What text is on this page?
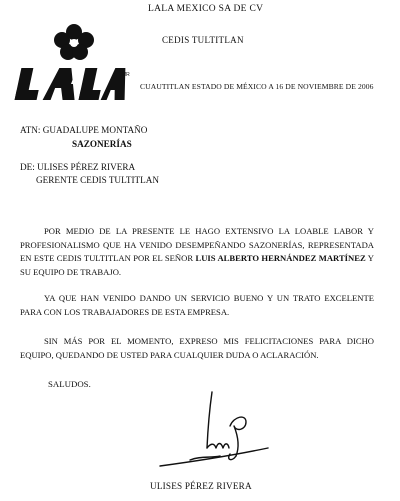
MR
LALA MEXICO SA DE CV
CEDIS TULTITLAN
CUAUTITLAN ESTADO DE MÉXICO A 16 DE NOVIEMBRE DE 2006
ATN: GUADALUPE MONTAÑO
SAZONERÍAS
DE: ULISES PÉREZ RIVERA
GERENTE CEDIS TULTITLAN
POR MEDIO DE LA PRESENTE LE HAGO EXTENSIVO LA LOABLE LABOR Y PROFESIONALISMO QUE HA VENIDO DESEMPEÑANDO SAZONERÍAS, REPRESENTADA EN ESTE CEDIS TULTITLAN POR EL SEÑOR LUIS ALBERTO HERNÁNDEZ MARTÍNEZ Y SU EQUIPO DE TRABAJO.
YA QUE HAN VENIDO DANDO UN SERVICIO BUENO Y UN TRATO EXCELENTE PARA CON LOS TRABAJADORES DE ESTA EMPRESA.
SIN MÁS POR EL MOMENTO, EXPRESO MIS FELICITACIONES PARA DICHO EQUIPO, QUEDANDO DE USTED PARA CUALQUIER DUDA O ACLARACIÓN.
SALUDOS.
ULISES PÉREZ RIVERA
